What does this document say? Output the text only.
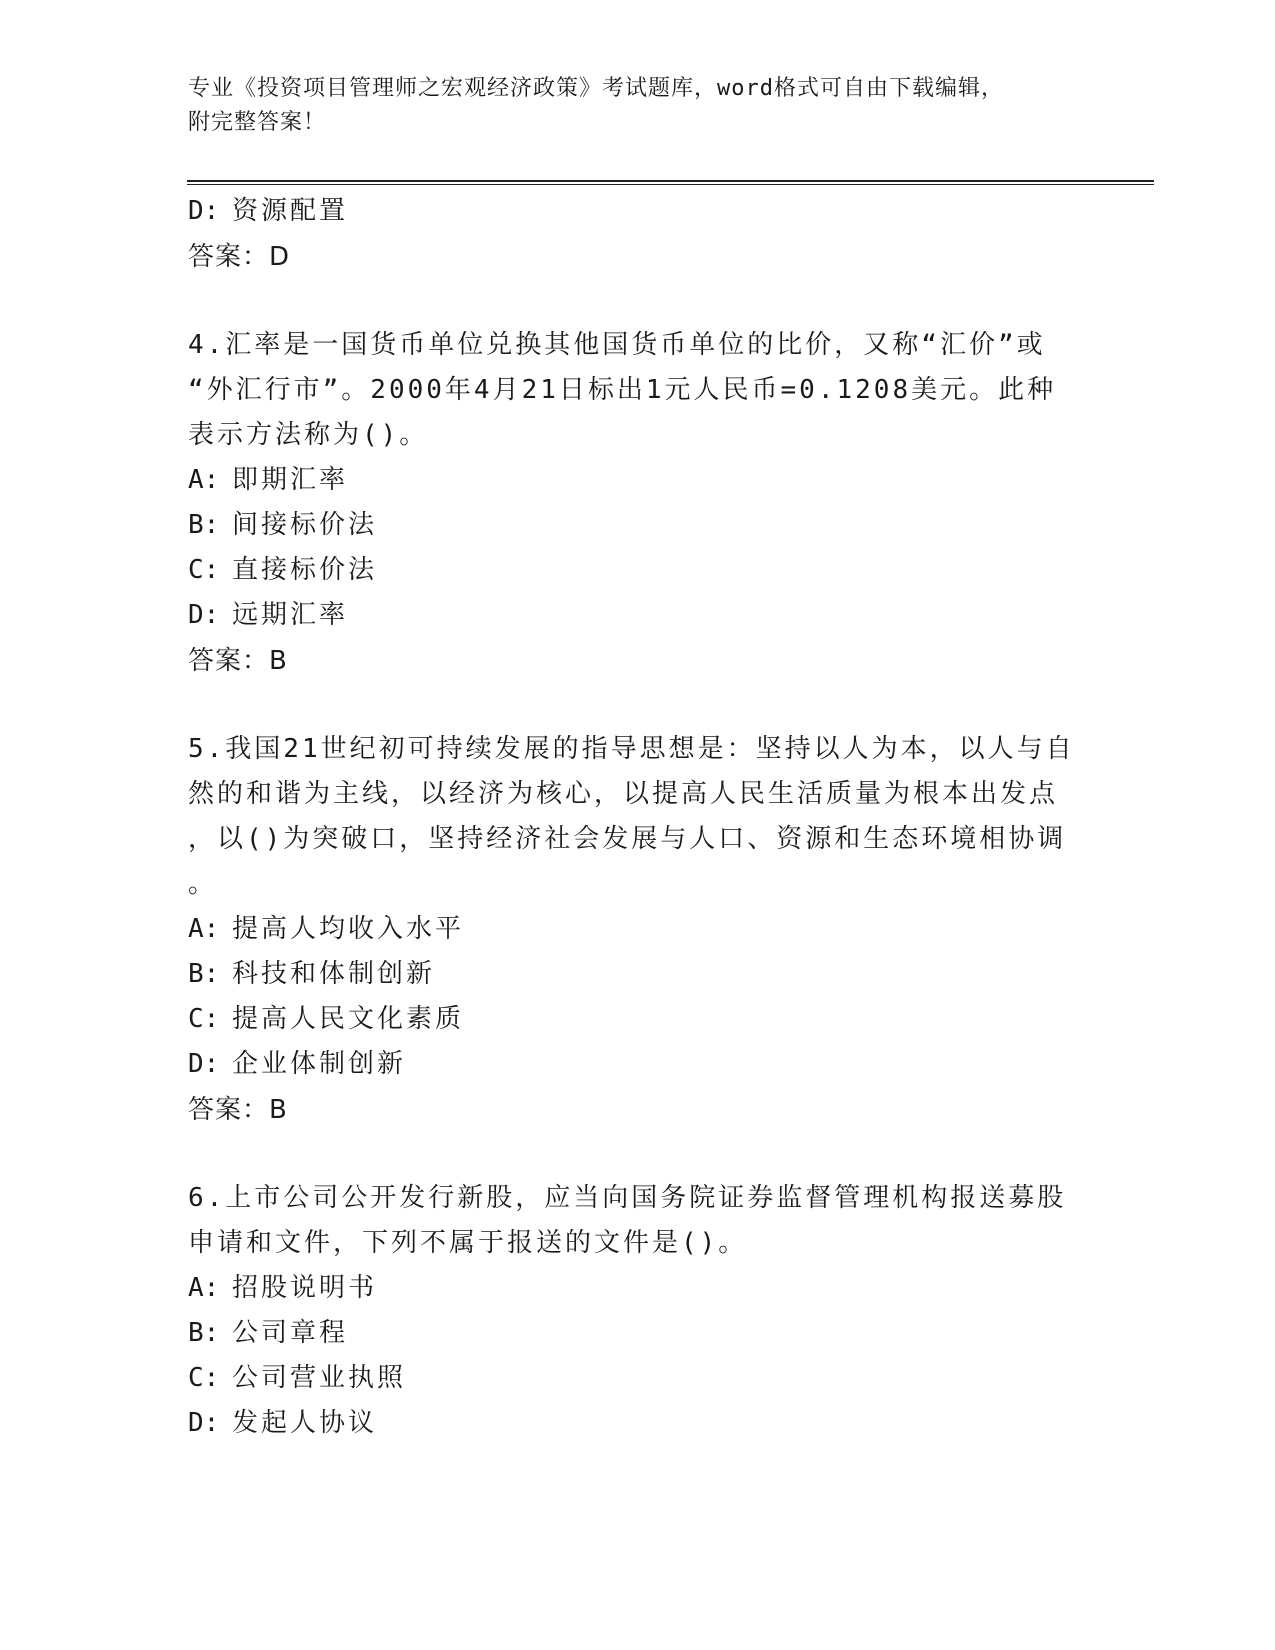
专业《投资项目管理师之宏观经济政策》考试题库，word格式可自由下载编辑，
附完整答案！
D: 资源配置
答案：D
4.汇率是一国货币单位兑换其他国货币单位的比价，又称“汇价”或
“外汇行市”。2000年4月21日标出1元人民币=0.1208美元。此种
表示方法称为()。
A: 即期汇率
B: 间接标价法
C: 直接标价法
D: 远期汇率
答案：B
5.我国21世纪初可持续发展的指导思想是：坚持以人为本，以人与自
然的和谐为主线，以经济为核心，以提高人民生活质量为根本出发点
，以()为突破口，坚持经济社会发展与人口、资源和生态环境相协调
。
A: 提高人均收入水平
B: 科技和体制创新
C: 提高人民文化素质
D: 企业体制创新
答案：B
6.上市公司公开发行新股，应当向国务院证券监督管理机构报送募股
申请和文件，下列不属于报送的文件是()。
A: 招股说明书
B: 公司章程
C: 公司营业执照
D: 发起人协议
